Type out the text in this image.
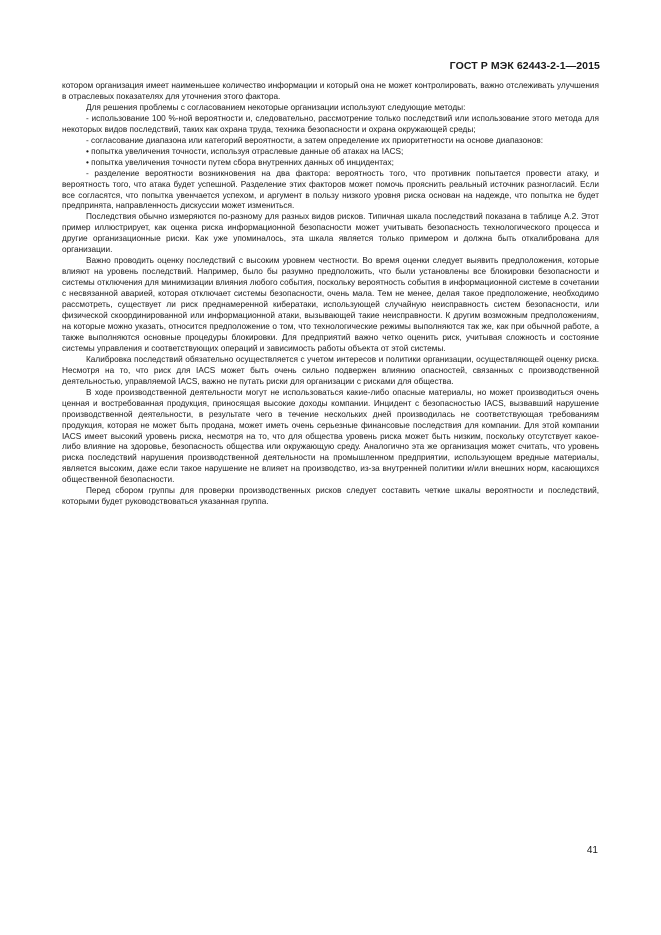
ГОСТ Р МЭК 62443-2-1—2015

котором организация имеет наименьшее количество информации и который она не может контролировать, важно отслеживать улучшения в отраслевых показателях для уточнения этого фактора.

Для решения проблемы с согласованием некоторые организации используют следующие методы:

- использование 100 %-ной вероятности и, следовательно, рассмотрение только последствий или использование этого метода для некоторых видов последствий, таких как охрана труда, техника безопасности и охрана окружающей среды;

- согласование диапазона или категорий вероятности, а затем определение их приоритетности на основе диапазонов:

• попытка увеличения точности, используя отраслевые данные об атаках на IACS;

• попытка увеличения точности путем сбора внутренних данных об инцидентах;

- разделение вероятности возникновения на два фактора: вероятность того, что противник попытается провести атаку, и вероятность того, что атака будет успешной. Разделение этих факторов может помочь прояснить реальный источник разногласий. Если все согласятся, что попытка увенчается успехом, и аргумент в пользу низкого уровня риска основан на надежде, что попытка не будет предпринята, направленность дискуссии может измениться.

Последствия обычно измеряются по-разному для разных видов рисков. Типичная шкала последствий показана в таблице А.2. Этот пример иллюстрирует, как оценка риска информационной безопасности может учитывать безопасность технологического процесса и другие организационные риски. Как уже упоминалось, эта шкала является только примером и должна быть откалибрована для организации.

Важно проводить оценку последствий с высоким уровнем честности. Во время оценки следует выявить предположения, которые влияют на уровень последствий. Например, было бы разумно предположить, что были установлены все блокировки безопасности и системы отключения для минимизации влияния любого события, поскольку вероятность события в информационной системе в сочетании с несвязанной аварией, которая отключает системы безопасности, очень мала. Тем не менее, делая такое предположение, необходимо рассмотреть, существует ли риск преднамеренной кибератаки, использующей случайную неисправность систем безопасности, или физической скоординированной или информационной атаки, вызывающей такие неисправности. К другим возможным предположениям, на которые можно указать, относится предположение о том, что технологические режимы выполняются так же, как при обычной работе, а также выполняются основные процедуры блокировки. Для предприятий важно четко оценить риск, учитывая сложность и состояние системы управления и соответствующих операций и зависимость работы объекта от этой системы.

Калибровка последствий обязательно осуществляется с учетом интересов и политики организации, осуществляющей оценку риска. Несмотря на то, что риск для IACS может быть очень сильно подвержен влиянию опасностей, связанных с производственной деятельностью, управляемой IACS, важно не путать риски для организации с рисками для общества.

В ходе производственной деятельности могут не использоваться какие-либо опасные материалы, но может производиться очень ценная и востребованная продукция, приносящая высокие доходы компании. Инцидент с безопасностью IACS, вызвавший нарушение производственной деятельности, в результате чего в течение нескольких дней производилась не соответствующая требованиям продукция, которая не может быть продана, может иметь очень серьезные финансовые последствия для компании. Для этой компании IACS имеет высокий уровень риска, несмотря на то, что для общества уровень риска может быть низким, поскольку отсутствует какое-либо влияние на здоровье, безопасность общества или окружающую среду. Аналогично эта же организация может считать, что уровень риска последствий нарушения производственной деятельности на промышленном предприятии, использующем вредные материалы, является высоким, даже если такое нарушение не влияет на производство, из-за внутренней политики и/или внешних норм, касающихся общественной безопасности.

Перед сбором группы для проверки производственных рисков следует составить четкие шкалы вероятности и последствий, которыми будет руководствоваться указанная группа.

41
